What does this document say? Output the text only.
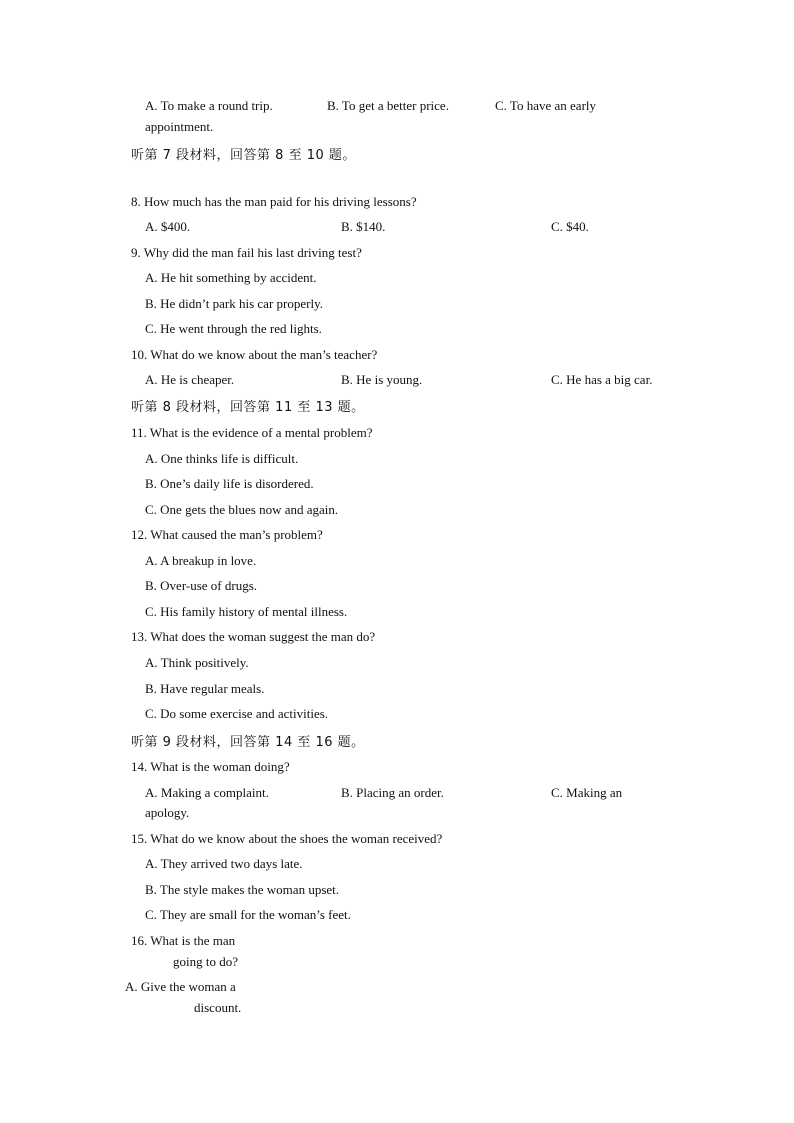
A. To make a round trip.	B. To get a better price.	C. To have an early
appointment.
听第 7 段材料，回答第 8 至 10 题。
8. How much has the man paid for his driving lessons?
A. $400.	B. $140.	C. $40.
9. Why did the man fail his last driving test?
A. He hit something by accident.
B. He didn’t park his car properly.
C. He went through the red lights.
10. What do we know about the man’s teacher?
A. He is cheaper.	B. He is young.	C. He has a big car.
听第 8 段材料，回答第 11 至 13 题。
11. What is the evidence of a mental problem?
A. One thinks life is difficult.
B. One’s daily life is disordered.
C. One gets the blues now and again.
12. What caused the man’s problem?
A. A breakup in love.
B. Over-use of drugs.
C. His family history of mental illness.
13. What does the woman suggest the man do?
A. Think positively.
B. Have regular meals.
C. Do some exercise and activities.
听第 9 段材料，回答第 14 至 16 题。
14. What is the woman doing?
A. Making a complaint.	B. Placing an order.	C. Making an
apology.
15. What do we know about the shoes the woman received?
A. They arrived two days late.
B. The style makes the woman upset.
C. They are small for the woman’s feet.
16. What is the man
going to do?
A. Give the woman a
discount.
